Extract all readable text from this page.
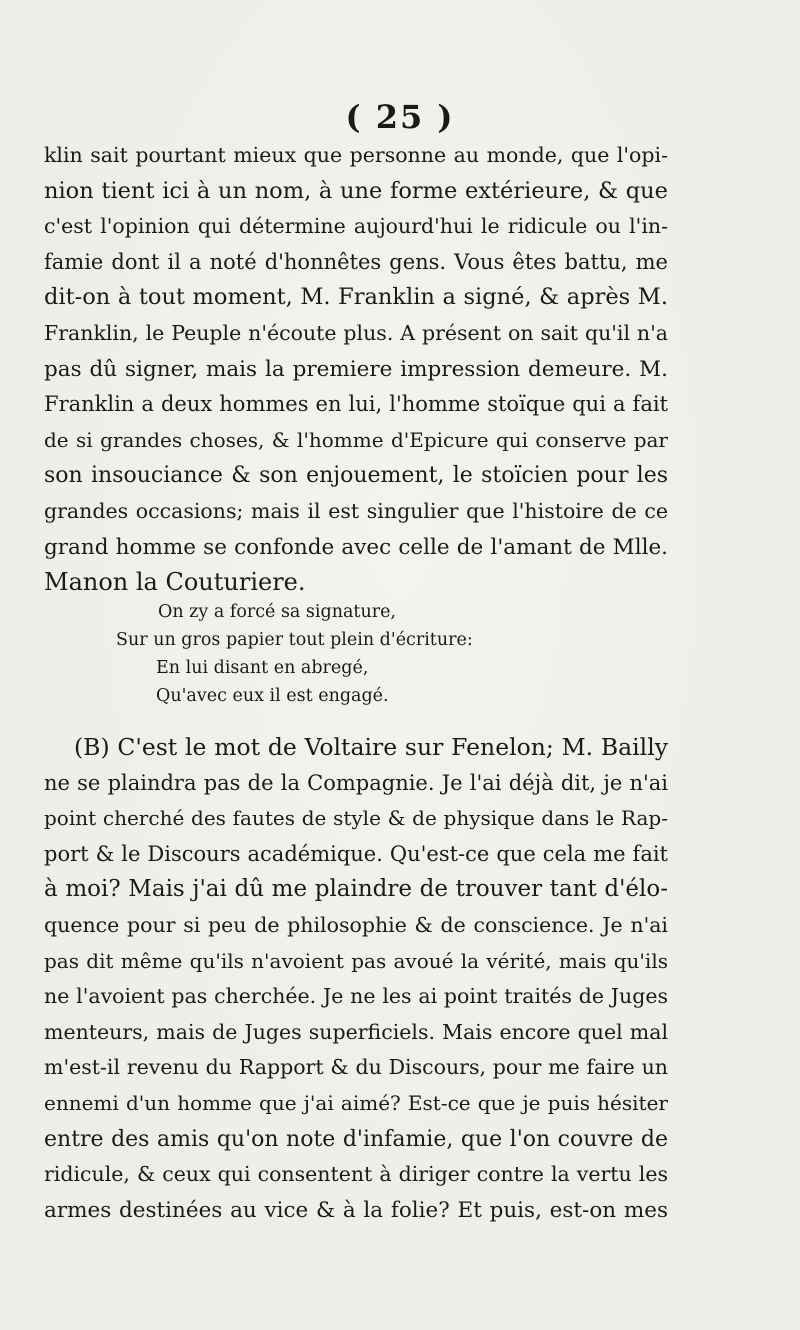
( 25 )
klin sait pourtant mieux que personne au monde, que l'opi-
nion tient ici à un nom, à une forme extérieure, & que
c'est l'opinion qui détermine aujourd'hui le ridicule ou l'in-
famie dont il a noté d'honnêtes gens. Vous êtes battu, me
dit-on à tout moment, M. Franklin a signé, & après M.
Franklin, le Peuple n'écoute plus. A présent on sait qu'il n'a
pas dû signer, mais la premiere impression demeure. M.
Franklin a deux hommes en lui, l'homme stoïque qui a fait
de si grandes choses, & l'homme d'Epicure qui conserve par
son insouciance & son enjouement, le stoïcien pour les
grandes occasions; mais il est singulier que l'histoire de ce
grand homme se confonde avec celle de l'amant de Mlle.
Manon la Couturiere.
On zy a forcé sa signature,
Sur un gros papier tout plein d'écriture:
En lui disant en abregé,
Qu'avec eux il est engagé.
(B) C'est le mot de Voltaire sur Fenelon; M. Bailly
ne se plaindra pas de la Compagnie. Je l'ai déjà dit, je n'ai
point cherché des fautes de style & de physique dans le Rap-
port & le Discours académique. Qu'est-ce que cela me fait
à moi? Mais j'ai dû me plaindre de trouver tant d'élo-
quence pour si peu de philosophie & de conscience. Je n'ai
pas dit même qu'ils n'avoient pas avoué la vérité, mais qu'ils
ne l'avoient pas cherchée. Je ne les ai point traités de Juges
menteurs, mais de Juges superficiels. Mais encore quel mal
m'est-il revenu du Rapport & du Discours, pour me faire un
ennemi d'un homme que j'ai aimé? Est-ce que je puis hésiter
entre des amis qu'on note d'infamie, que l'on couvre de
ridicule, & ceux qui consentent à diriger contre la vertu les
armes destinées au vice & à la folie? Et puis, est-on mes
